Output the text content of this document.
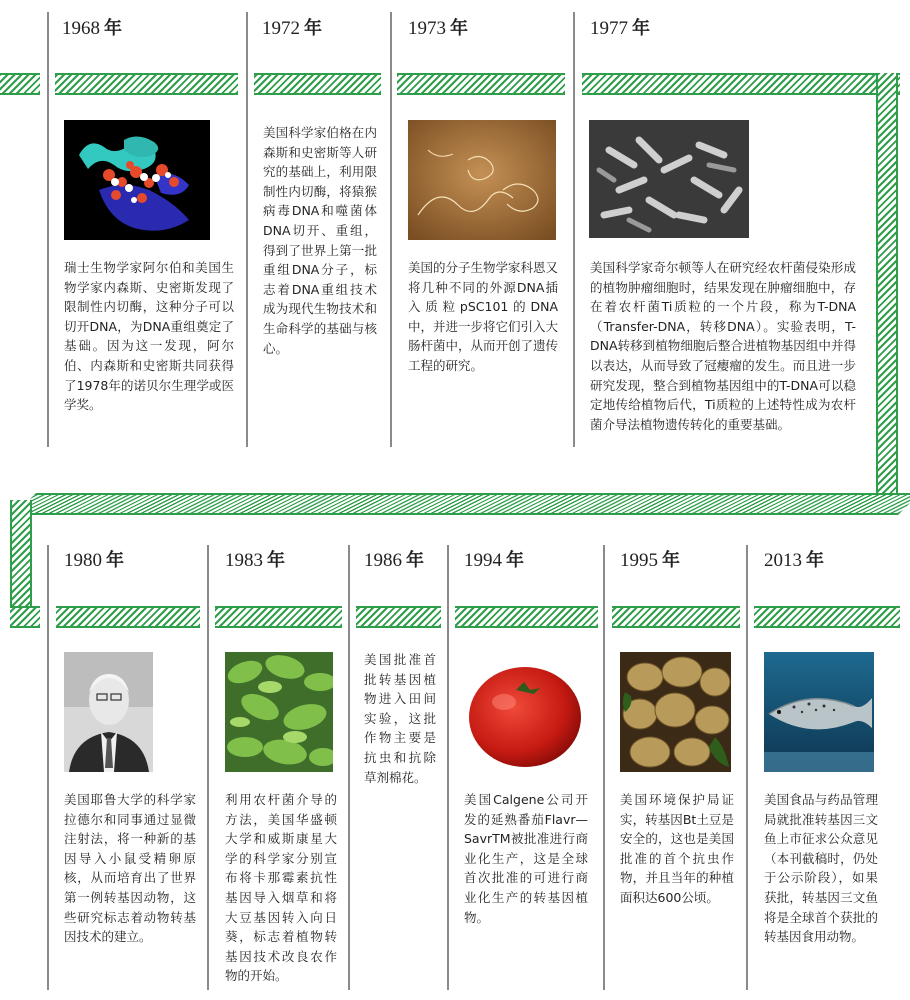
1968 年
瑞士生物学家阿尔伯和美国生物学家内森斯、史密斯发现了限制性内切酶，这种分子可以切开DNA，为DNA重组奠定了基础。因为这一发现，阿尔伯、内森斯和史密斯共同获得了1978年的诺贝尔生理学或医学奖。
1972 年
美国科学家伯格在内森斯和史密斯等人研究的基础上，利用限制性内切酶，将猿猴病毒DNA和噬菌体DNA切开、重组，得到了世界上第一批重组DNA分子，标志着DNA重组技术成为现代生物技术和生命科学的基础与核心。
1973 年
美国的分子生物学家科恩又将几种不同的外源DNA插入质粒pSC101的DNA中，并进一步将它们引入大肠杆菌中，从而开创了遗传工程的研究。
1977 年
美国科学家奇尔顿等人在研究经农杆菌侵染形成的植物肿瘤细胞时，结果发现在肿瘤细胞中，存在着农杆菌Ti质粒的一个片段，称为T-DNA（Transfer-DNA，转移DNA）。实验表明，T-DNA转移到植物细胞后整合进植物基因组中并得以表达，从而导致了冠瘿瘤的发生。而且进一步研究发现，整合到植物基因组中的T-DNA可以稳定地传给植物后代，Ti质粒的上述特性成为农杆菌介导法植物遗传转化的重要基础。
1980 年
美国耶鲁大学的科学家拉德尔和同事通过显微注射法，将一种新的基因导入小鼠受精卵原核，从而培育出了世界第一例转基因动物，这些研究标志着动物转基因技术的建立。
1983 年
利用农杆菌介导的方法，美国华盛顿大学和威斯康星大学的科学家分别宣布将卡那霉素抗性基因导入烟草和将大豆基因转入向日葵，标志着植物转基因技术改良农作物的开始。
1986 年
美国批准首批转基因植物进入田间实验，这批作物主要是抗虫和抗除草剂棉花。
1994 年
美国Calgene公司开发的延熟番茄Flavr—SavrTM被批准进行商业化生产，这是全球首次批准的可进行商业化生产的转基因植物。
1995 年
美国环境保护局证实，转基因Bt土豆是安全的，这也是美国批准的首个抗虫作物，并且当年的种植面积达600公顷。
2013 年
美国食品与药品管理局就批准转基因三文鱼上市征求公众意见（本刊截稿时，仍处于公示阶段），如果获批，转基因三文鱼将是全球首个获批的转基因食用动物。
